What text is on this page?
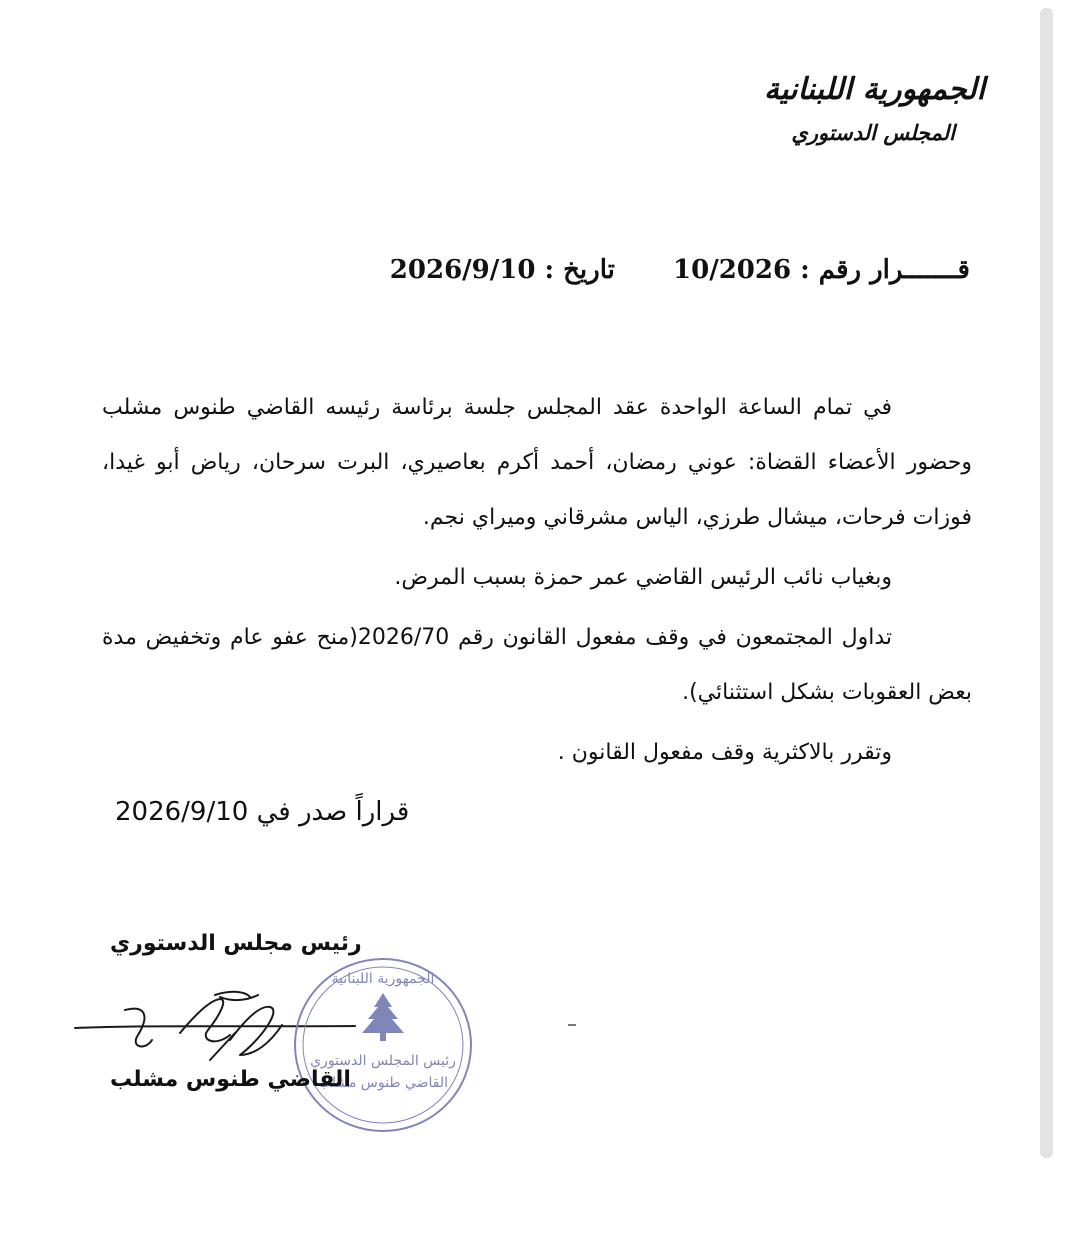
الجمهورية اللبنانية
المجلس الدستوري
قـــــــرار رقم : 10/2026  تاريخ : 2026/9/10

في تمام الساعة الواحدة عقد المجلس جلسة برئاسة رئيسه القاضي طنوس مشلب وحضور الأعضاء القضاة: عوني رمضان، أحمد أكرم بعاصيري، البرت سرحان، رياض أبو غيدا، فوزات فرحات، ميشال طرزي، الياس مشرقاني وميراي نجم.

وبغياب نائب الرئيس القاضي عمر حمزة بسبب المرض.

تداول المجتمعون في وقف مفعول القانون رقم 2026/70(منح عفو عام وتخفيض مدة بعض العقوبات بشكل استثنائي).

وتقرر بالاكثرية وقف مفعول القانون .

قراراً صدر في 2026/9/10
رئيس مجلس الدستوري
الجمهورية اللبنانية
رئيس المجلس الدستوري
القاضي طنوس مشلب
القاضي طنوس مشلب
